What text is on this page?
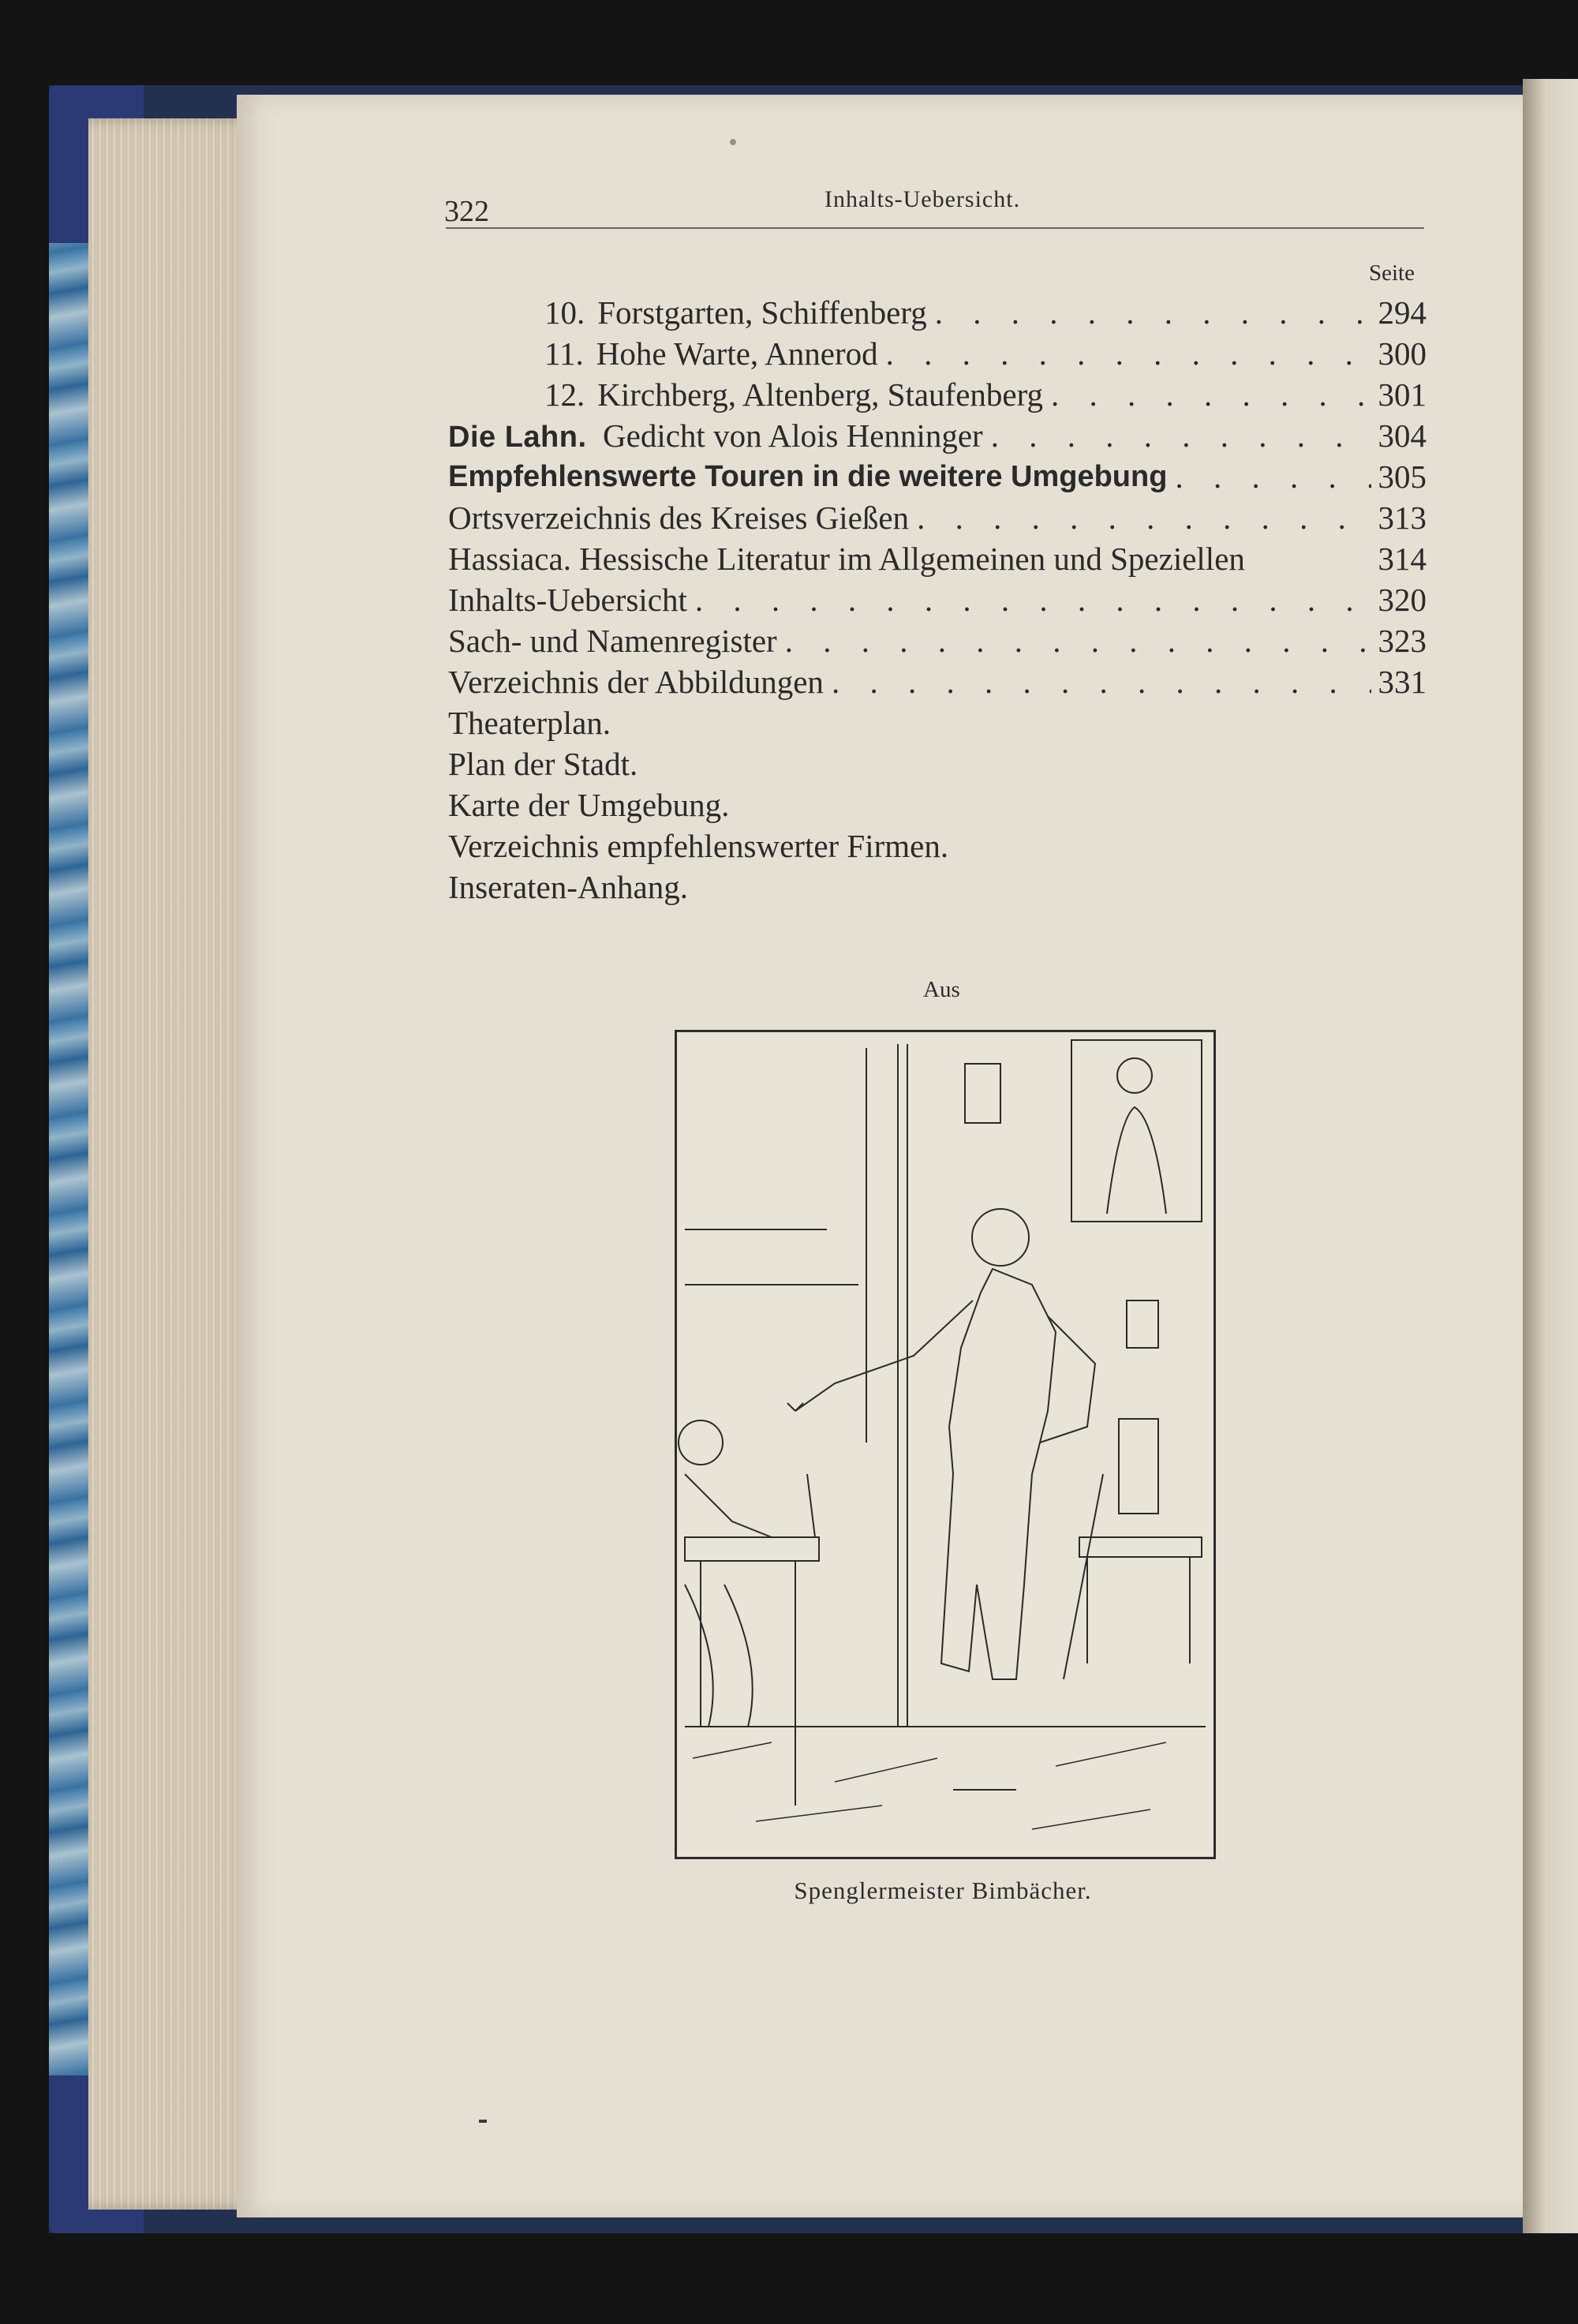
322	Inhalts-Uebersicht.
Seite
10. Forstgarten, Schiffenberg . . .	294
11. Hohe Warte, Annerod . . .	300
12. Kirchberg, Altenberg, Staufenberg . . .	301
Die Lahn. Gedicht von Alois Henninger . . .	304
Empfehlenswerte Touren in die weitere Umgebung . . .	305
Ortsverzeichnis des Kreises Gießen . . .	313
Hassiaca. Hessische Literatur im Allgemeinen und Speziellen	314
Inhalts-Uebersicht . . .	320
Sach- und Namenregister . . .	323
Verzeichnis der Abbildungen . . .	331
Theaterplan.
Plan der Stadt.
Karte der Umgebung.
Verzeichnis empfehlenswerter Firmen.
Inseraten-Anhang.
Aus
Spenglermeister Bimbächer.
